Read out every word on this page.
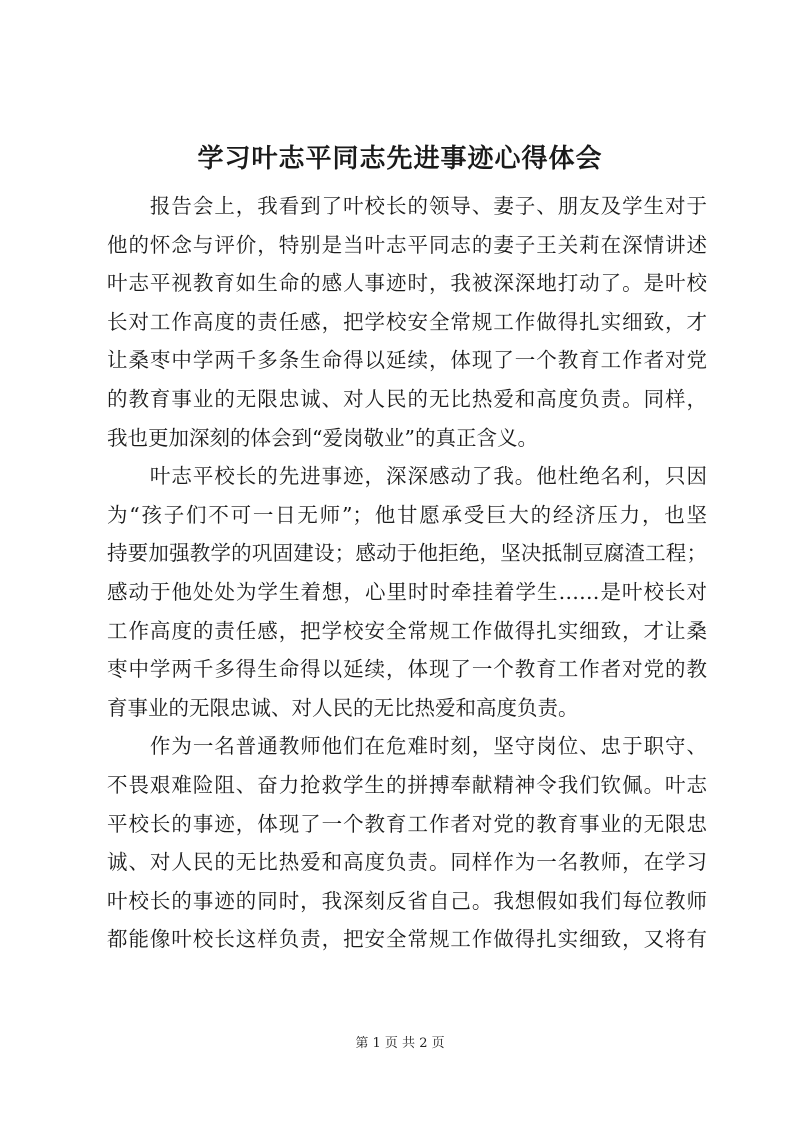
学习叶志平同志先进事迹心得体会
　　报告会上，我看到了叶校长的领导、妻子、朋友及学生对于
他的怀念与评价，特别是当叶志平同志的妻子王关莉在深情讲述
叶志平视教育如生命的感人事迹时，我被深深地打动了。是叶校
长对工作高度的责任感，把学校安全常规工作做得扎实细致，才
让桑枣中学两千多条生命得以延续，体现了一个教育工作者对党
的教育事业的无限忠诚、对人民的无比热爱和高度负责。同样，
我也更加深刻的体会到“爱岗敬业”的真正含义。
　　叶志平校长的先进事迹，深深感动了我。他杜绝名利，只因
为“孩子们不可一日无师”；他甘愿承受巨大的经济压力，也坚
持要加强教学的巩固建设；感动于他拒绝，坚决抵制豆腐渣工程；
感动于他处处为学生着想，心里时时牵挂着学生……是叶校长对
工作高度的责任感，把学校安全常规工作做得扎实细致，才让桑
枣中学两千多得生命得以延续，体现了一个教育工作者对党的教
育事业的无限忠诚、对人民的无比热爱和高度负责。
　　作为一名普通教师他们在危难时刻，坚守岗位、忠于职守、
不畏艰难险阻、奋力抢救学生的拼搏奉献精神令我们钦佩。叶志
平校长的事迹，体现了一个教育工作者对党的教育事业的无限忠
诚、对人民的无比热爱和高度负责。同样作为一名教师，在学习
叶校长的事迹的同时，我深刻反省自己。我想假如我们每位教师
都能像叶校长这样负责，把安全常规工作做得扎实细致，又将有
第 1 页 共 2 页
